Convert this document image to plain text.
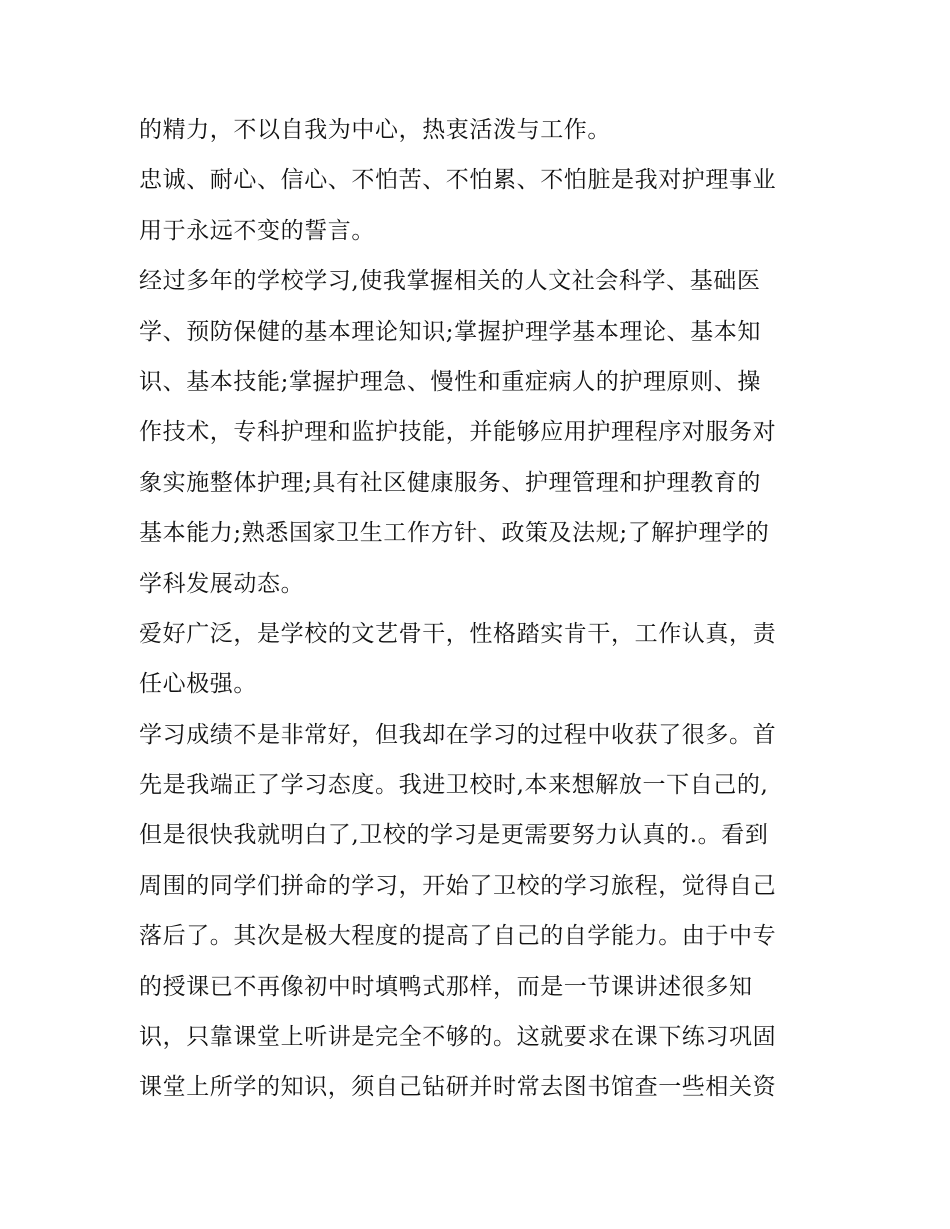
的精力，不以自我为中心，热衷活泼与工作。
忠诚、耐心、信心、不怕苦、不怕累、不怕脏是我对护理事业
用于永远不变的誓言。
经过多年的学校学习,使我掌握相关的人文社会科学、基础医
学、预防保健的基本理论知识;掌握护理学基本理论、基本知
识、基本技能;掌握护理急、慢性和重症病人的护理原则、操
作技术，专科护理和监护技能，并能够应用护理程序对服务对
象实施整体护理;具有社区健康服务、护理管理和护理教育的
基本能力;熟悉国家卫生工作方针、政策及法规;了解护理学的
学科发展动态。
爱好广泛，是学校的文艺骨干，性格踏实肯干，工作认真，责
任心极强。
学习成绩不是非常好，但我却在学习的过程中收获了很多。首
先是我端正了学习态度。我进卫校时,本来想解放一下自己的,
但是很快我就明白了,卫校的学习是更需要努力认真的.。看到
周围的同学们拼命的学习，开始了卫校的学习旅程，觉得自己
落后了。其次是极大程度的提高了自己的自学能力。由于中专
的授课已不再像初中时填鸭式那样，而是一节课讲述很多知
识，只靠课堂上听讲是完全不够的。这就要求在课下练习巩固
课堂上所学的知识，须自己钻研并时常去图书馆查一些相关资
